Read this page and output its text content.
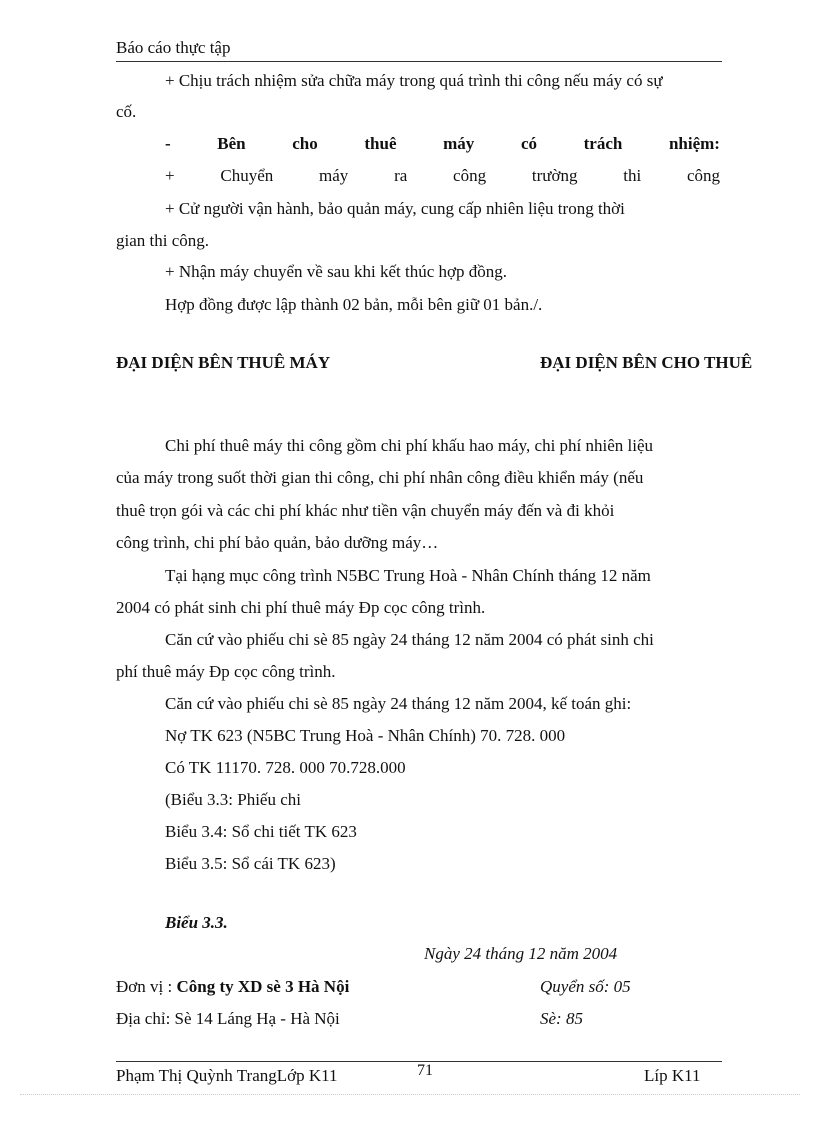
Báo cáo thực tập
+ Chịu trách nhiệm sửa chữa máy trong quá trình thi công nếu máy có sự
cố.
-	Bên	cho	thuê	máy	có	trách	nhiệm:
+	Chuyển	máy	ra	công	trường	thi	công
+ Cử người vận hành, bảo quản máy, cung cấp nhiên liệu trong thời
gian thi công.
+ Nhận máy chuyển về sau khi kết thúc hợp đồng.
Hợp đồng được lập thành 02 bản, mỗi bên giữ 01 bản./.
ĐẠI DIỆN BÊN THUÊ MÁY	ĐẠI DIỆN BÊN CHO THUÊ
Chi phí thuê máy thi công gồm chi phí khấu hao máy, chi phí nhiên liệu
của máy trong suốt thời gian thi công, chi phí nhân công điều khiển máy (nếu
thuê trọn gói và các chi phí khác như tiền vận chuyển máy đến và đi khỏi
công trình, chi phí bảo quản, bảo dưỡng máy…
Tại hạng mục công trình N5BC Trung Hoà - Nhân Chính tháng 12 năm
2004 có phát sinh chi phí thuê máy Đp cọc công trình.
Căn cứ vào phiếu chi sè 85 ngày 24 tháng 12 năm 2004 có phát sinh chi
phí thuê máy Đp cọc công trình.
Căn cứ vào phiếu chi sè 85 ngày 24 tháng 12 năm 2004, kế toán ghi:
Nợ TK 623 (N5BC Trung Hoà - Nhân Chính) 70. 728. 000
Có TK 11170. 728. 000 70.728.000
(Biểu 3.3: Phiếu chi
Biểu 3.4: Sổ chi tiết TK 623
Biểu 3.5: Sổ cái TK 623)
Biểu 3.3.
Ngày 24 tháng 12 năm 2004
Đơn vị : Công ty XD sè 3 Hà Nội	Quyển số: 05
Địa chỉ: Sè 14 Láng Hạ - Hà Nội	Sè: 85
Phạm Thị Quỳnh TrangLớp K11	71	Líp K11
